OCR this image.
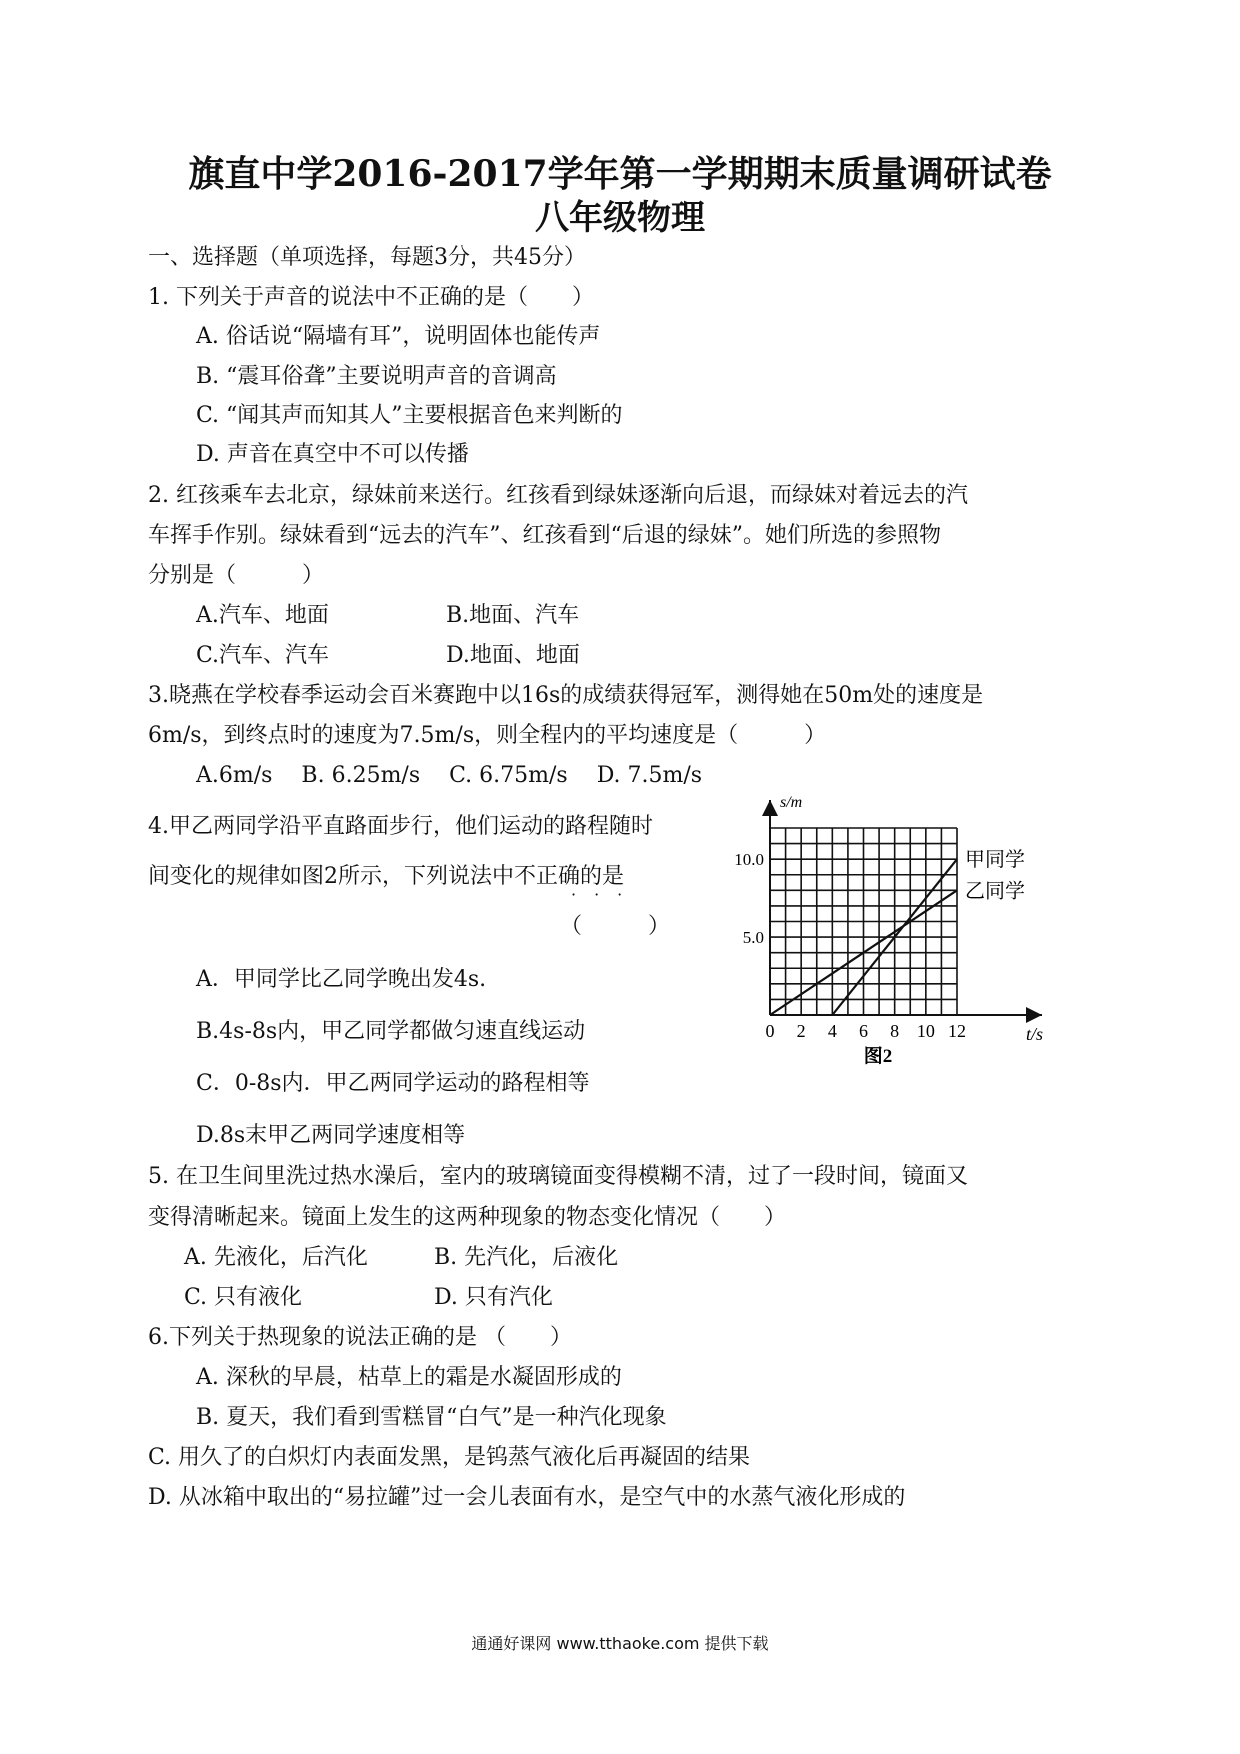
旗直中学2016-2017学年第一学期期末质量调研试卷
八年级物理
一、选择题（单项选择，每题3分，共45分）
1. 下列关于声音的说法中不正确的是（　　）
A. 俗话说“隔墙有耳”，说明固体也能传声
B. “震耳俗聋”主要说明声音的音调高
C. “闻其声而知其人”主要根据音色来判断的
D. 声音在真空中不可以传播
2. 红孩乘车去北京，绿妹前来送行。红孩看到绿妹逐渐向后退，而绿妹对着远去的汽
车挥手作别。绿妹看到“远去的汽车”、红孩看到“后退的绿妹”。她们所选的参照物
分别是（　　　）
A.汽车、地面	B.地面、汽车
C.汽车、汽车	D.地面、地面
3.晓燕在学校春季运动会百米赛跑中以16s的成绩获得冠军，测得她在50m处的速度是
6m/s，到终点时的速度为7.5m/s，则全程内的平均速度是（　　　）
A.6m/s　 B. 6.25m/s　 C. 6.75m/s　 D. 7.5m/s
4.甲乙两同学沿平直路面步行，他们运动的路程随时
间变化的规律如图2所示，下列说法中不正确的是
···
（　　　）
A．甲同学比乙同学晚出发4s.
B.4s-8s内，甲乙同学都做匀速直线运动
C．0-8s内．甲乙两同学运动的路程相等
D.8s末甲乙两同学速度相等
s/m
t/s
0 2 4 6 8 10 12
5.0
10.0	甲同学
乙同学
图2
5. 在卫生间里洗过热水澡后，室内的玻璃镜面变得模糊不清，过了一段时间，镜面又
变得清晰起来。镜面上发生的这两种现象的物态变化情况（　　）
A. 先液化，后汽化	B. 先汽化，后液化
C. 只有液化	D. 只有汽化
6.下列关于热现象的说法正确的是 （　　）
A. 深秋的早晨，枯草上的霜是水凝固形成的
B. 夏天，我们看到雪糕冒“白气”是一种汽化现象
C. 用久了的白炽灯内表面发黑，是钨蒸气液化后再凝固的结果
D. 从冰箱中取出的“易拉罐”过一会儿表面有水，是空气中的水蒸气液化形成的
通通好课网 www.tthaoke.com 提供下载
